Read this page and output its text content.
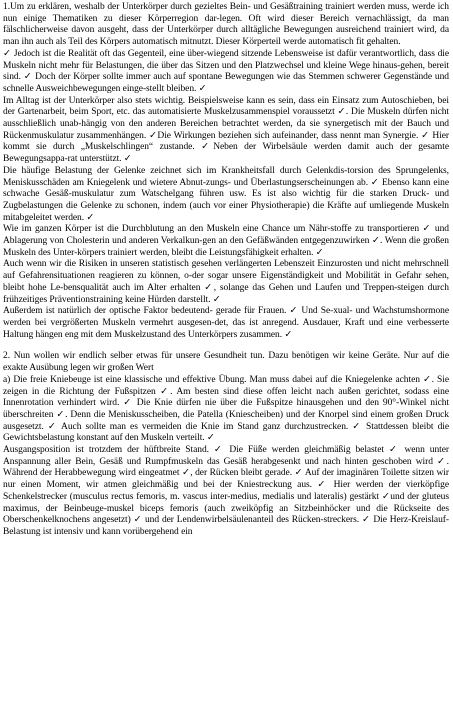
1.Um zu erklären, weshalb der Unterkörper durch gezieltes Bein- und Gesäßtraining trainiert werden muss, werde ich nun einige Thematiken zu dieser Körperregion dar-legen. Oft wird dieser Bereich vernachlässigt, da man fälschlicherweise davon ausgeht, dass der Unterkörper durch alltägliche Bewegungen ausreichend trainiert wird, da man ihn auch als Teil des Körpers automatisch mitnutzt. Dieser Körperteil werde automatisch fit gehalten.

✓ Jedoch ist die Realität oft das Gegenteil, eine über-wiegend sitzende Lebensweise ist dafür verantwortlich, dass die Muskeln nicht mehr für Belastungen, die über das Sitzen und den Platzwechsel und kleine Wege hinaus-gehen, bereit sind. ✓ Doch der Körper sollte immer auch auf spontane Bewegungen wie das Stemmen schwerer Gegenstände und schnelle Ausweichbewegungen einge-stellt bleiben. ✓

Im Alltag ist der Unterkörper also stets wichtig. Beispielsweise kann es sein, dass ein Einsatz zum Autoschieben, bei der Gartenarbeit, beim Sport, etc. das automatisierte Muskelzusammenspiel voraussetzt ✓. Die Muskeln dürfen nicht ausschließlich unab-hängig von den anderen Bereichen betrachtet werden, da sie synergetisch mit der Bauch und Rückenmuskulatur zusammenhängen. ✓Die Wirkungen beziehen sich aufeinander, dass nennt man Synergie. ✓ Hier kommt sie durch „Muskelschlingen“ zustande. ✓Neben der Wirbelsäule werden damit auch der gesamte Bewegungsappa-rat unterstützt. ✓

Die häufige Belastung der Gelenke zeichnet sich im Krankheitsfall durch Gelenkdis-torsion des Sprungelenks, Meniskusschäden am Kniegelenk und wietere Abnut-zungs- und Überlastungserscheinungen ab. ✓ Ebenso kann eine schwache Gesäß-muskulatur zum Watschelgang führen usw. Es ist also wichtig für die starken Druck- und Zugbelastungen die Gelenke zu schonen, indem (auch vor einer Physiotherapie) die Kräfte auf umliegende Muskeln mitabgeleitet werden. ✓

Wie im ganzen Körper ist die Durchblutung an den Muskeln eine Chance um Nähr-stoffe zu transportieren ✓ und Ablagerung von Cholesterin und anderen Verkalkun-gen an den Gefäßwänden entgegenzuwirken ✓. Wenn die großen Muskeln des Unter-körpers trainiert werden, bleibt die Leistungsfähigkeit erhalten. ✓

Auch wenn wir die Risiken in unseren statistisch gesehen verlängerten Lebenszeit Einzurosten und nicht mehrschnell auf Gefahrensituationen reagieren zu können, o-der sogar unsere Eigenständigkeit und Mobilität in Gefahr sehen, bleibt hohe Le-bensqualität auch im Alter erhalten ✓, solange das Gehen und Laufen und Treppen-steigen durch frühzeitiges Präventionstraining keine Hürden darstellt. ✓

Außerdem ist natürlich der optische Faktor bedeutend- gerade für Frauen. ✓ Und Se-xual- und Wachstumshormone werden bei vergrößerten Muskeln vermehrt ausgesen-det, das ist anregend. Ausdauer, Kraft und eine verbesserte Haltung hängen eng mit dem Muskelzustand des Unterkörpers zusammen. ✓

2. Nun wollen wir endlich selber etwas für unsere Gesundheit tun. Dazu benötigen wir keine Geräte. Nur auf die exakte Ausübung legen wir großen Wert

a) Die freie Kniebeuge ist eine klassische und effektive Übung. Man muss dabei auf die Kniegelenke achten ✓. Sie zeigen in die Richtung der Fußspitzen ✓. Am besten sind diese offen leicht nach außen gerichtet, sodass eine Innenrotation verhindert wird. ✓ Die Knie dürfen nie über die Fußspitze hinausgehen und den 90°-Winkel nicht überschreiten ✓. Denn die Meniskusscheiben, die Patella (Kniescheiben) und der Knorpel sind einem großen Druck ausgesetzt. ✓ Auch sollte man es vermeiden die Knie im Stand ganz durchzustrecken. ✓ Stattdessen bleibt die Gewichtsbelastung konstant auf den Muskeln verteilt. ✓

Ausgangsposition ist trotzdem der hüftbreite Stand. ✓ Die Füße werden gleichmäßig belastet ✓ wenn unter Anspannung aller Bein, Gesäß und Rumpfmuskeln das Gesäß herabgesenkt und nach hinten geschoben wird ✓. Während der Herabbewegung wird eingeatmet ✓, der Rücken bleibt gerade. ✓ Auf der imaginären Toilette sitzen wir nur einen Moment, wir atmen gleichmäßig und bei der Kniestreckung aus. ✓ Hier werden der vierköpfige Schenkelstrecker (musculus rectus femoris, m. vascus inter-medius, medialis und lateralis) gestärkt ✓und der gluteus maximus, der Beinbeuge-muskel biceps femoris (auch zweiköpfig an Sitzbeinhöcker und die Rückseite des Oberschenkelknochens angesetzt) ✓ und der Lendenwirbelsäulenanteil des Rücken-streckers. ✓ Die Herz-Kreislauf-Belastung ist intensiv und kann vorübergehend ein
